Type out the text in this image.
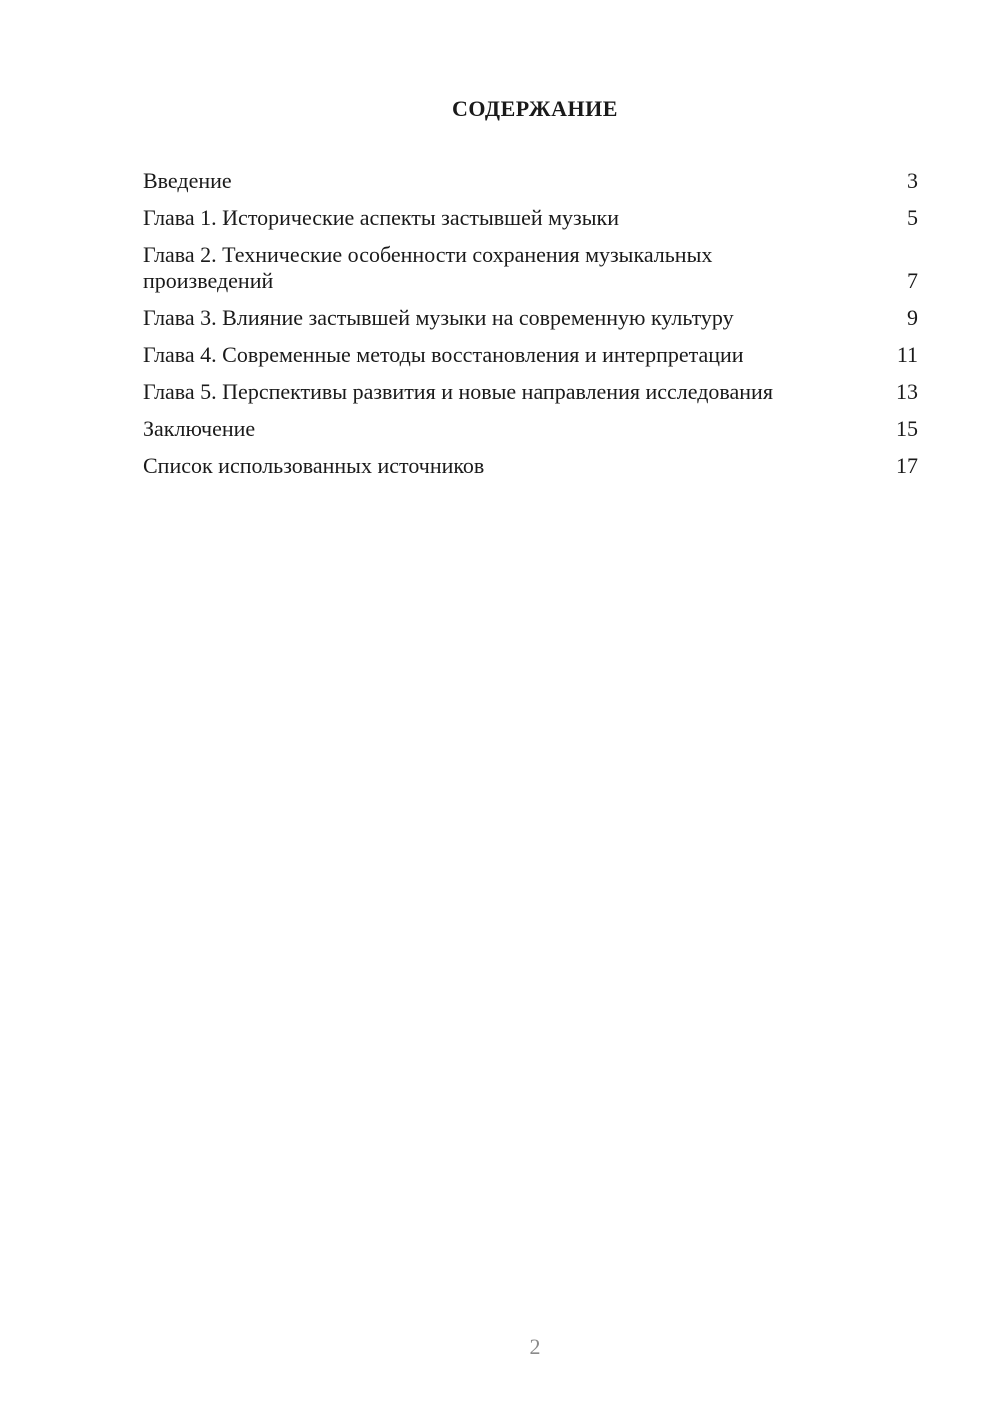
СОДЕРЖАНИЕ
Введение	3
Глава 1. Исторические аспекты застывшей музыки	5
Глава 2. Технические особенности сохранения музыкальных произведений	7
Глава 3. Влияние застывшей музыки на современную культуру	9
Глава 4. Современные методы восстановления и интерпретации	11
Глава 5. Перспективы развития и новые направления исследования	13
Заключение	15
Список использованных источников	17
2
